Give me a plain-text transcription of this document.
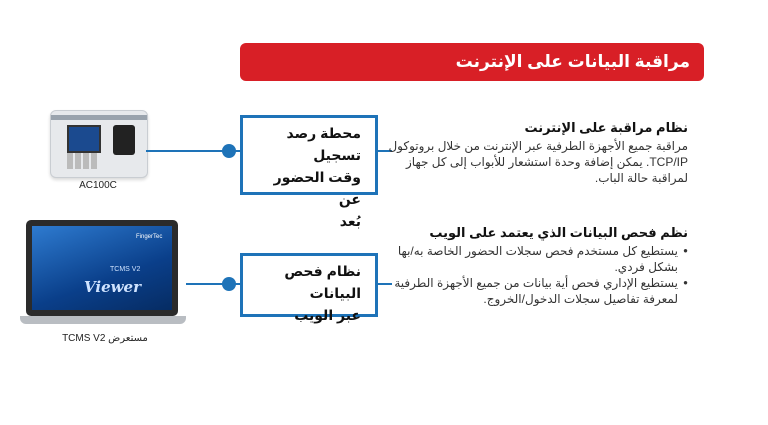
مراقبة البيانات على الإنترنت
AC100C
محطة رصد تسجيل
وقت الحضور عن
بُعد
نظام مراقبة على الإنترنت

مراقبة جميع الأجهزة الطرفية عبر الإنترنت من خلال بروتوكول

TCP/IP. يمكن إضافة وحدة استشعار للأبواب إلى كل جهاز

لمراقبة حالة الباب.

FingerTec
TCMS V2
Viewer
مستعرض TCMS V2
نظام فحص البيانات
عبر الويب
نظم فحص البيانات الذي يعتمد على الويب
● يستطيع كل مستخدم فحص سجلات الحضور الخاصة به/بها
بشكل فردي.
● يستطيع الإداري فحص أية بيانات من جميع الأجهزة الطرفية
لمعرفة تفاصيل سجلات الدخول/الخروج.
